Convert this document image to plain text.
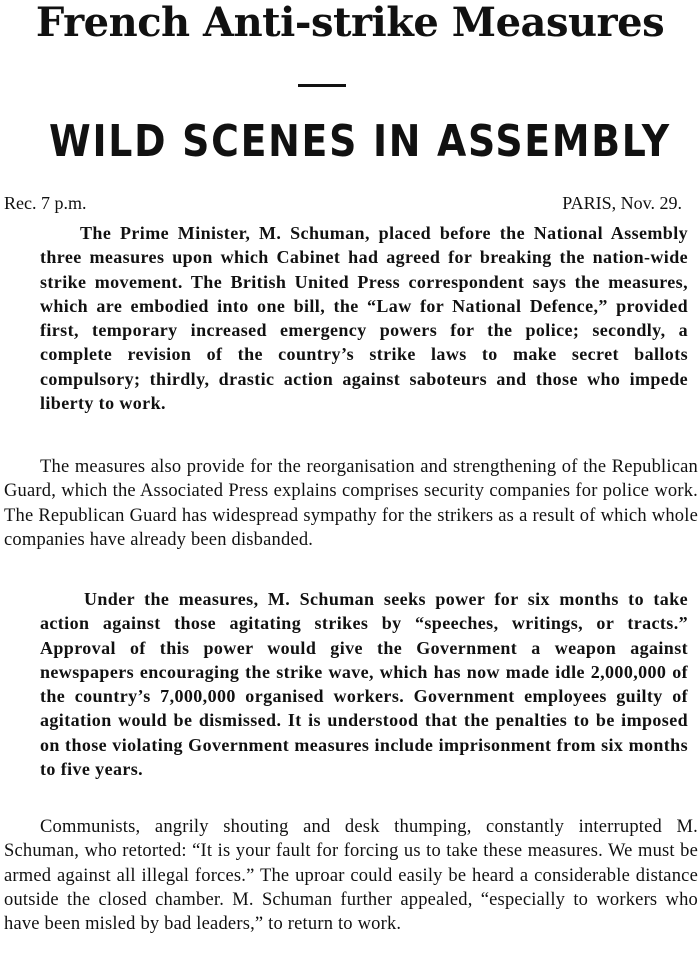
French Anti-strike Measures
WILD SCENES IN ASSEMBLY
Rec. 7 p.m.	PARIS, Nov. 29.

The Prime Minister, M. Schuman, placed before the National Assembly three measures upon which Cabinet had agreed for breaking the nation-wide strike movement. The British United Press correspondent says the measures, which are embodied into one bill, the “Law for National Defence,” provided first, temporary increased emergency powers for the police; secondly, a complete revision of the country’s strike laws to make secret ballots compulsory; thirdly, drastic action against saboteurs and those who impede liberty to work.

The measures also provide for the reorganisation and strengthening of the Republican Guard, which the Associated Press explains comprises security companies for police work. The Republican Guard has widespread sympathy for the strikers as a result of which whole companies have already been disbanded.

Under the measures, M. Schuman seeks power for six months to take action against those agitating strikes by “speeches, writings, or tracts.” Approval of this power would give the Government a weapon against newspapers encouraging the strike wave, which has now made idle 2,000,000 of the country’s 7,000,000 organised workers. Government employees guilty of agitation would be dismissed. It is understood that the penalties to be imposed on those violating Government measures include imprisonment from six months to five years.

Communists, angrily shouting and desk thumping, constantly interrupted M. Schuman, who retorted: “It is your fault for forcing us to take these measures. We must be armed against all illegal forces.” The uproar could easily be heard a considerable distance outside the closed chamber. M. Schuman further appealed, “especially to workers who have been misled by bad leaders,” to return to work.
